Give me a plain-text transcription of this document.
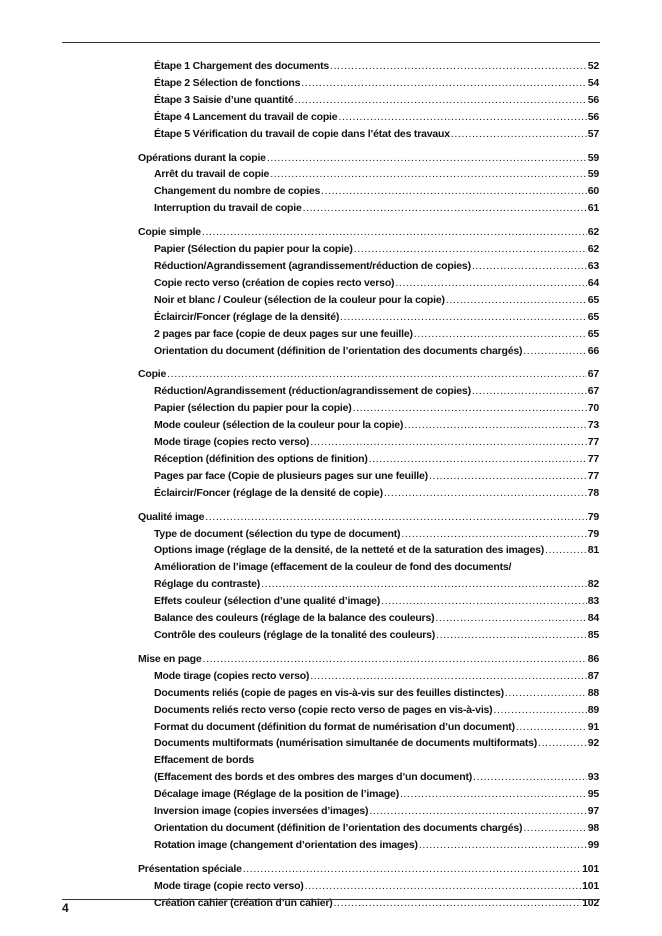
Étape 1 Chargement des documents .....	52
Étape 2 Sélection de fonctions .....	54
Étape 3 Saisie d’une quantité .....	56
Étape 4 Lancement du travail de copie .....	56
Étape 5 Vérification du travail de copie dans l’état des travaux .....	57
Opérations durant la copie .....	59
Arrêt du travail de copie .....	59
Changement du nombre de copies .....	60
Interruption du travail de copie .....	61
Copie simple .....	62
Papier (Sélection du papier pour la copie) .....	62
Réduction/Agrandissement (agrandissement/réduction de copies) .....	63
Copie recto verso (création de copies recto verso) .....	64
Noir et blanc / Couleur (sélection de la couleur pour la copie) .....	65
Éclaircir/Foncer (réglage de la densité) .....	65
2 pages par face (copie de deux pages sur une feuille) .....	65
Orientation du document (définition de l’orientation des documents chargés) .....	66
Copie .....	67
Réduction/Agrandissement (réduction/agrandissement de copies) .....	67
Papier (sélection du papier pour la copie) .....	70
Mode couleur (sélection de la couleur pour la copie) .....	73
Mode tirage (copies recto verso) .....	77
Réception (définition des options de finition) .....	77
Pages par face (Copie de plusieurs pages sur une feuille) .....	77
Éclaircir/Foncer (réglage de la densité de copie) .....	78
Qualité image .....	79
Type de document (sélection du type de document) .....	79
Options image (réglage de la densité, de la netteté et de la saturation des images) .....	81
Amélioration de l’image (effacement de la couleur de fond des documents/
Réglage du contraste) .....	82
Effets couleur (sélection d’une qualité d’image) .....	83
Balance des couleurs (réglage de la balance des couleurs) .....	84
Contrôle des couleurs (réglage de la tonalité des couleurs) .....	85
Mise en page .....	86
Mode tirage (copies recto verso) .....	87
Documents reliés (copie de pages en vis-à-vis sur des feuilles distinctes) .....	88
Documents reliés recto verso (copie recto verso de pages en vis-à-vis) .....	89
Format du document (définition du format de numérisation d’un document) .....	91
Documents multiformats (numérisation simultanée de documents multiformats) .....	92
Effacement de bords
(Effacement des bords et des ombres des marges d’un document) .....	93
Décalage image (Réglage de la position de l’image) .....	95
Inversion image (copies inversées d’images) .....	97
Orientation du document (définition de l’orientation des documents chargés) .....	98
Rotation image (changement d’orientation des images) .....	99
Présentation spéciale .....	101
Mode tirage (copie recto verso) .....	101
Création cahier (création d’un cahier) .....	102
4
